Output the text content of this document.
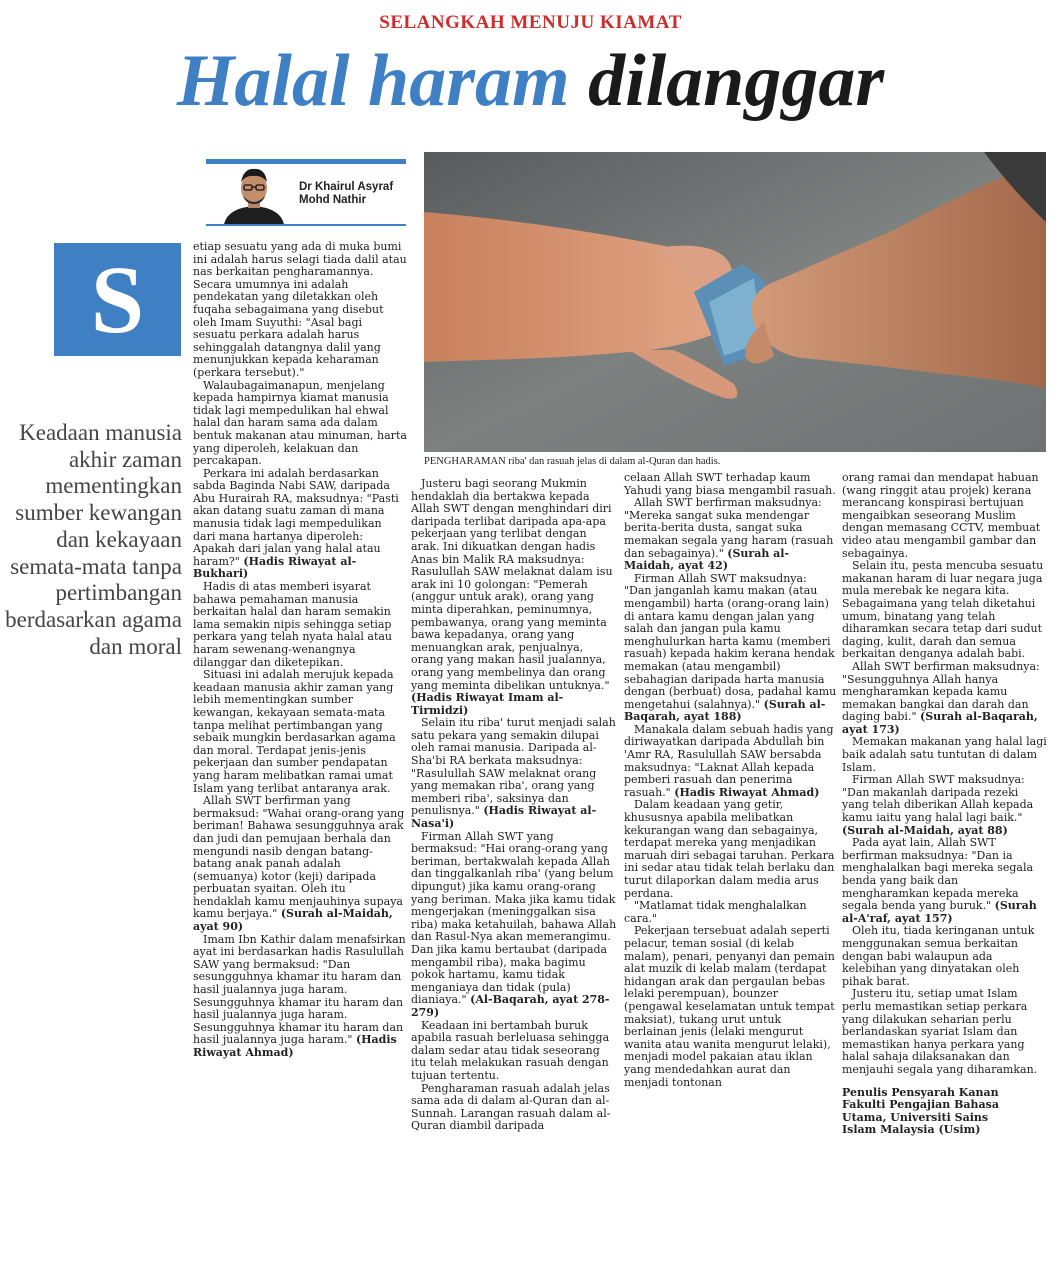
SELANGKAH MENUJU KIAMAT
Halal haram dilanggar
Dr Khairul Asyraf
Mohd Nathir
S
Keadaan manusia akhir zaman mementingkan sumber kewangan dan kekayaan semata-mata tanpa pertimbangan berdasarkan agama dan moral
PENGHARAMAN riba' dan rasuah jelas di dalam al-Quran dan hadis.

etiap sesuatu yang ada di muka bumi ini adalah harus selagi tiada dalil atau nas berkaitan pengharamannya. Secara umumnya ini adalah pendekatan yang diletakkan oleh fuqaha sebagaimana yang disebut oleh Imam Suyuthi: "Asal bagi sesuatu perkara adalah harus sehinggalah datangnya dalil yang menunjukkan kepada keharaman (perkara tersebut)."

Walaubagaimanapun, menjelang kepada hampirnya kiamat manusia tidak lagi mempedulikan hal ehwal halal dan haram sama ada dalam bentuk makanan atau minuman, harta yang diperoleh, kelakuan dan percakapan.

Perkara ini adalah berdasarkan sabda Baginda Nabi SAW, daripada Abu Hurairah RA, maksudnya: "Pasti akan datang suatu zaman di mana manusia tidak lagi mempedulikan dari mana hartanya diperoleh: Apakah dari jalan yang halal atau haram?" (Hadis Riwayat al-Bukhari)

Hadis di atas memberi isyarat bahawa pemahaman manusia berkaitan halal dan haram semakin lama semakin nipis sehingga setiap perkara yang telah nyata halal atau haram sewenang-wenangnya dilanggar dan diketepikan.

Situasi ini adalah merujuk kepada keadaan manusia akhir zaman yang lebih mementingkan sumber kewangan, kekayaan semata-mata tanpa melihat pertimbangan yang sebaik mungkin berdasarkan agama dan moral. Terdapat jenis-jenis pekerjaan dan sumber pendapatan yang haram melibatkan ramai umat Islam yang terlibat antaranya arak.

Allah SWT berfirman yang bermaksud: "Wahai orang-orang yang beriman! Bahawa sesungguhnya arak dan judi dan pemujaan berhala dan mengundi nasib dengan batang-batang anak panah adalah (semuanya) kotor (keji) daripada perbuatan syaitan. Oleh itu hendaklah kamu menjauhinya supaya kamu berjaya." (Surah al-Maidah, ayat 90)

Imam Ibn Kathir dalam menafsirkan ayat ini berdasarkan hadis Rasulullah SAW yang bermaksud: "Dan sesungguhnya khamar itu haram dan hasil jualannya juga haram. Sesungguhnya khamar itu haram dan hasil jualannya juga haram. Sesungguhnya khamar itu haram dan hasil jualannya juga haram." (Hadis Riwayat Ahmad)

Justeru bagi seorang Mukmin hendaklah dia bertakwa kepada Allah SWT dengan menghindari diri daripada terlibat daripada apa-apa pekerjaan yang terlibat dengan arak. Ini dikuatkan dengan hadis Anas bin Malik RA maksudnya: Rasulullah SAW melaknat dalam isu arak ini 10 golongan: "Pemerah (anggur untuk arak), orang yang minta diperahkan, peminumnya, pembawanya, orang yang meminta bawa kepadanya, orang yang menuangkan arak, penjualnya, orang yang makan hasil jualannya, orang yang membelinya dan orang yang meminta dibelikan untuknya." (Hadis Riwayat Imam al-Tirmidzi)

Selain itu riba' turut menjadi salah satu pekara yang semakin dilupai oleh ramai manusia. Daripada al-Sha'bi RA berkata maksudnya: "Rasulullah SAW melaknat orang yang memakan riba', orang yang memberi riba', saksinya dan penulisnya." (Hadis Riwayat al-Nasa'i)

Firman Allah SWT yang bermaksud: "Hai orang-orang yang beriman, bertakwalah kepada Allah dan tinggalkanlah riba' (yang belum dipungut) jika kamu orang-orang yang beriman. Maka jika kamu tidak mengerjakan (meninggalkan sisa riba) maka ketahuilah, bahawa Allah dan Rasul-Nya akan memerangimu. Dan jika kamu bertaubat (daripada mengambil riba), maka bagimu pokok hartamu, kamu tidak menganiaya dan tidak (pula) dianiaya." (Al-Baqarah, ayat 278-279)

Keadaan ini bertambah buruk apabila rasuah berleluasa sehingga dalam sedar atau tidak seseorang itu telah melakukan rasuah dengan tujuan tertentu.

Pengharaman rasuah adalah jelas sama ada di dalam al-Quran dan al-Sunnah. Larangan rasuah dalam al-Quran diambil daripada

celaan Allah SWT terhadap kaum Yahudi yang biasa mengambil rasuah.

Allah SWT berfirman maksudnya: "Mereka sangat suka mendengar berita-berita dusta, sangat suka memakan segala yang haram (rasuah dan sebagainya)." (Surah al-Maidah, ayat 42)

Firman Allah SWT maksudnya: "Dan janganlah kamu makan (atau mengambil) harta (orang-orang lain) di antara kamu dengan jalan yang salah dan jangan pula kamu menghulurkan harta kamu (memberi rasuah) kepada hakim kerana hendak memakan (atau mengambil) sebahagian daripada harta manusia dengan (berbuat) dosa, padahal kamu mengetahui (salahnya)." (Surah al-Baqarah, ayat 188)

Manakala dalam sebuah hadis yang diriwayatkan daripada Abdullah bin 'Amr RA, Rasulullah SAW bersabda maksudnya: "Laknat Allah kepada pemberi rasuah dan penerima rasuah." (Hadis Riwayat Ahmad)

Dalam keadaan yang getir, khususnya apabila melibatkan kekurangan wang dan sebagainya, terdapat mereka yang menjadikan maruah diri sebagai taruhan. Perkara ini sedar atau tidak telah berlaku dan turut dilaporkan dalam media arus perdana.

"Matlamat tidak menghalalkan cara."

Pekerjaan tersebuat adalah seperti pelacur, teman sosial (di kelab malam), penari, penyanyi dan pemain alat muzik di kelab malam (terdapat hidangan arak dan pergaulan bebas lelaki perempuan), bounzer (pengawal keselamatan untuk tempat maksiat), tukang urut untuk berlainan jenis (lelaki mengurut wanita atau wanita mengurut lelaki), menjadi model pakaian atau iklan yang mendedahkan aurat dan menjadi tontonan

orang ramai dan mendapat habuan (wang ringgit atau projek) kerana merancang konspirasi bertujuan mengaibkan seseorang Muslim dengan memasang CCTV, membuat video atau mengambil gambar dan sebagainya.

Selain itu, pesta mencuba sesuatu makanan haram di luar negara juga mula merebak ke negara kita. Sebagaimana yang telah diketahui umum, binatang yang telah diharamkan secara tetap dari sudut daging, kulit, darah dan semua berkaitan denganya adalah babi.

Allah SWT berfirman maksudnya: "Sesungguhnya Allah hanya mengharamkan kepada kamu memakan bangkai dan darah dan daging babi." (Surah al-Baqarah, ayat 173)

Memakan makanan yang halal lagi baik adalah satu tuntutan di dalam Islam.

Firman Allah SWT maksudnya: "Dan makanlah daripada rezeki yang telah diberikan Allah kepada kamu iaitu yang halal lagi baik." (Surah al-Maidah, ayat 88)

Pada ayat lain, Allah SWT berfirman maksudnya: "Dan ia menghalalkan bagi mereka segala benda yang baik dan mengharamkan kepada mereka segala benda yang buruk." (Surah al-A'raf, ayat 157)

Oleh itu, tiada keringanan untuk menggunakan semua berkaitan dengan babi walaupun ada kelebihan yang dinyatakan oleh pihak barat.

Justeru itu, setiap umat Islam perlu memastikan setiap perkara yang dilakukan seharian perlu berlandaskan syariat Islam dan memastikan hanya perkara yang halal sahaja dilaksanakan dan menjauhi segala yang diharamkan.

Penulis Pensyarah Kanan
Fakulti Pengajian Bahasa
Utama, Universiti Sains
Islam Malaysia (Usim)
